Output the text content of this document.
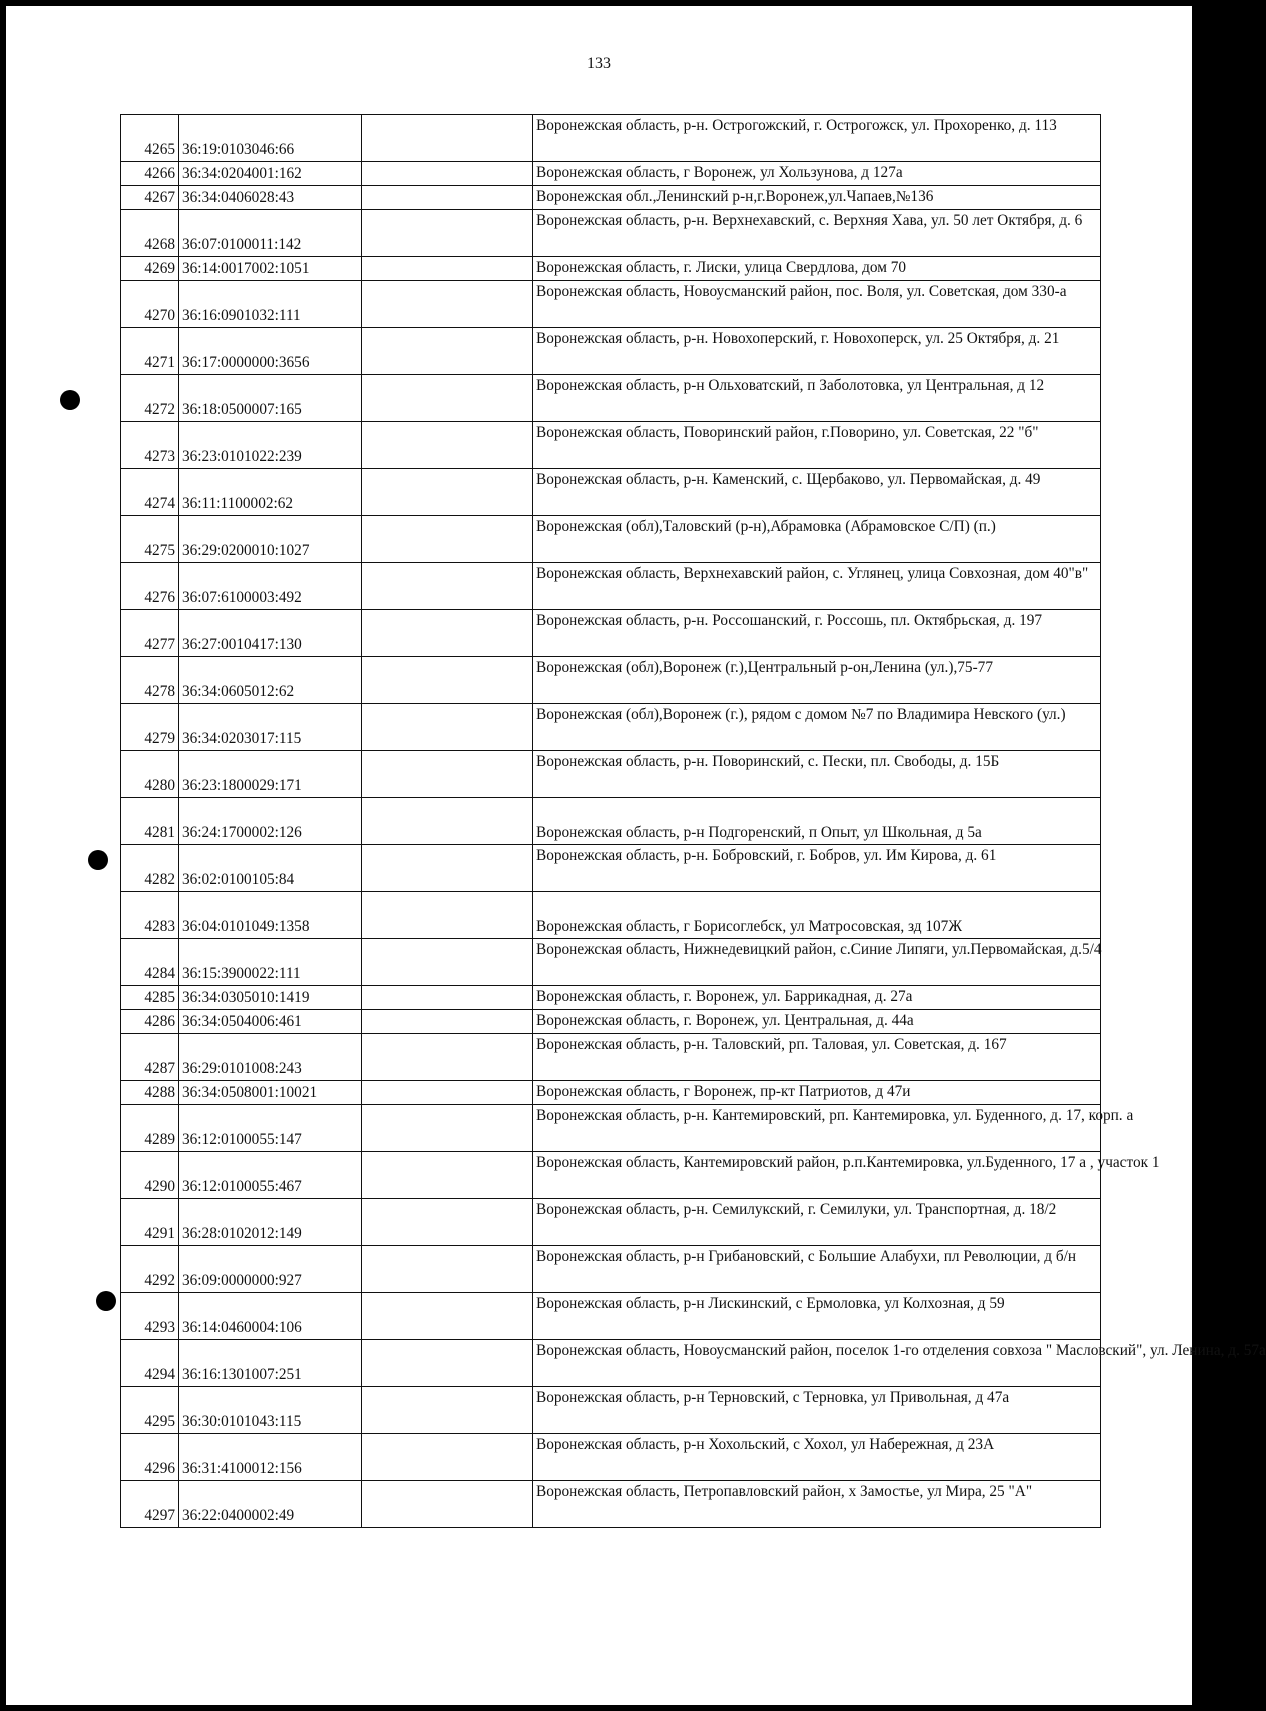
133
4265	36:19:0103046:66		Воронежская область, р-н. Острогожский, г. Острогожск, ул. Прохоренко, д. 113
4266	36:34:0204001:162		Воронежская область, г Воронеж, ул Хользунова, д 127а
4267	36:34:0406028:43		Воронежская обл.,Ленинский р-н,г.Воронеж,ул.Чапаев,№136
4268	36:07:0100011:142		Воронежская область, р-н. Верхнехавский, с. Верхняя Хава, ул. 50 лет Октября, д. 6
4269	36:14:0017002:1051		Воронежская область, г. Лиски, улица Свердлова, дом 70
4270	36:16:0901032:111		Воронежская область, Новоусманский район, пос. Воля, ул. Советская, дом 330-а
4271	36:17:0000000:3656		Воронежская область, р-н. Новохоперский, г. Новохоперск, ул. 25 Октября, д. 21
4272	36:18:0500007:165		Воронежская область, р-н Ольховатский, п Заболотовка, ул Центральная, д 12
4273	36:23:0101022:239		Воронежская область, Поворинский район, г.Поворино, ул. Советская, 22 "б"
4274	36:11:1100002:62		Воронежская область, р-н. Каменский, с. Щербаково, ул. Первомайская, д. 49
4275	36:29:0200010:1027		Воронежская (обл),Таловский (р-н),Абрамовка (Абрамовское С/П) (п.)
4276	36:07:6100003:492		Воронежская область, Верхнехавский район, с. Углянец, улица Совхозная, дом 40"в"
4277	36:27:0010417:130		Воронежская область, р-н. Россошанский, г. Россошь, пл. Октябрьская, д. 197
4278	36:34:0605012:62		Воронежская (обл),Воронеж (г.),Центральный р-он,Ленина (ул.),75-77
4279	36:34:0203017:115		Воронежская (обл),Воронеж (г.), рядом с домом №7 по Владимира Невского (ул.)
4280	36:23:1800029:171		Воронежская область, р-н. Поворинский, с. Пески, пл. Свободы, д. 15Б
4281	36:24:1700002:126		Воронежская область, р-н Подгоренский, п Опыт, ул Школьная, д 5а
4282	36:02:0100105:84		Воронежская область, р-н. Бобровский, г. Бобров, ул. Им Кирова, д. 61
4283	36:04:0101049:1358		Воронежская область, г Борисоглебск, ул Матросовская, зд 107Ж
4284	36:15:3900022:111		Воронежская область, Нижнедевицкий район, с.Синие Липяги, ул.Первомайская, д.5/4
4285	36:34:0305010:1419		Воронежская область, г. Воронеж, ул. Баррикадная, д. 27а
4286	36:34:0504006:461		Воронежская область, г. Воронеж, ул. Центральная, д. 44а
4287	36:29:0101008:243		Воронежская область, р-н. Таловский, рп. Таловая, ул. Советская, д. 167
4288	36:34:0508001:10021		Воронежская область, г Воронеж, пр-кт Патриотов, д 47и
4289	36:12:0100055:147		Воронежская область, р-н. Кантемировский, рп. Кантемировка, ул. Буденного, д. 17, корп. а
4290	36:12:0100055:467		Воронежская область, Кантемировский район, р.п.Кантемировка, ул.Буденного, 17 а , участок 1
4291	36:28:0102012:149		Воронежская область, р-н. Семилукский, г. Семилуки, ул. Транспортная, д. 18/2
4292	36:09:0000000:927		Воронежская область, р-н Грибановский, с Большие Алабухи, пл Революции, д б/н
4293	36:14:0460004:106		Воронежская область, р-н Лискинский, с Ермоловка, ул Колхозная, д 59
4294	36:16:1301007:251		Воронежская область, Новоусманский район, поселок 1-го отделения совхоза " Масловский", ул. Ленина, д. 57а
4295	36:30:0101043:115		Воронежская область, р-н Терновский, с Терновка, ул Привольная, д 47а
4296	36:31:4100012:156		Воронежская область, р-н Хохольский, с Хохол, ул Набережная, д 23А
4297	36:22:0400002:49		Воронежская область, Петропавловский район, х Замостье, ул Мира, 25 "А"
